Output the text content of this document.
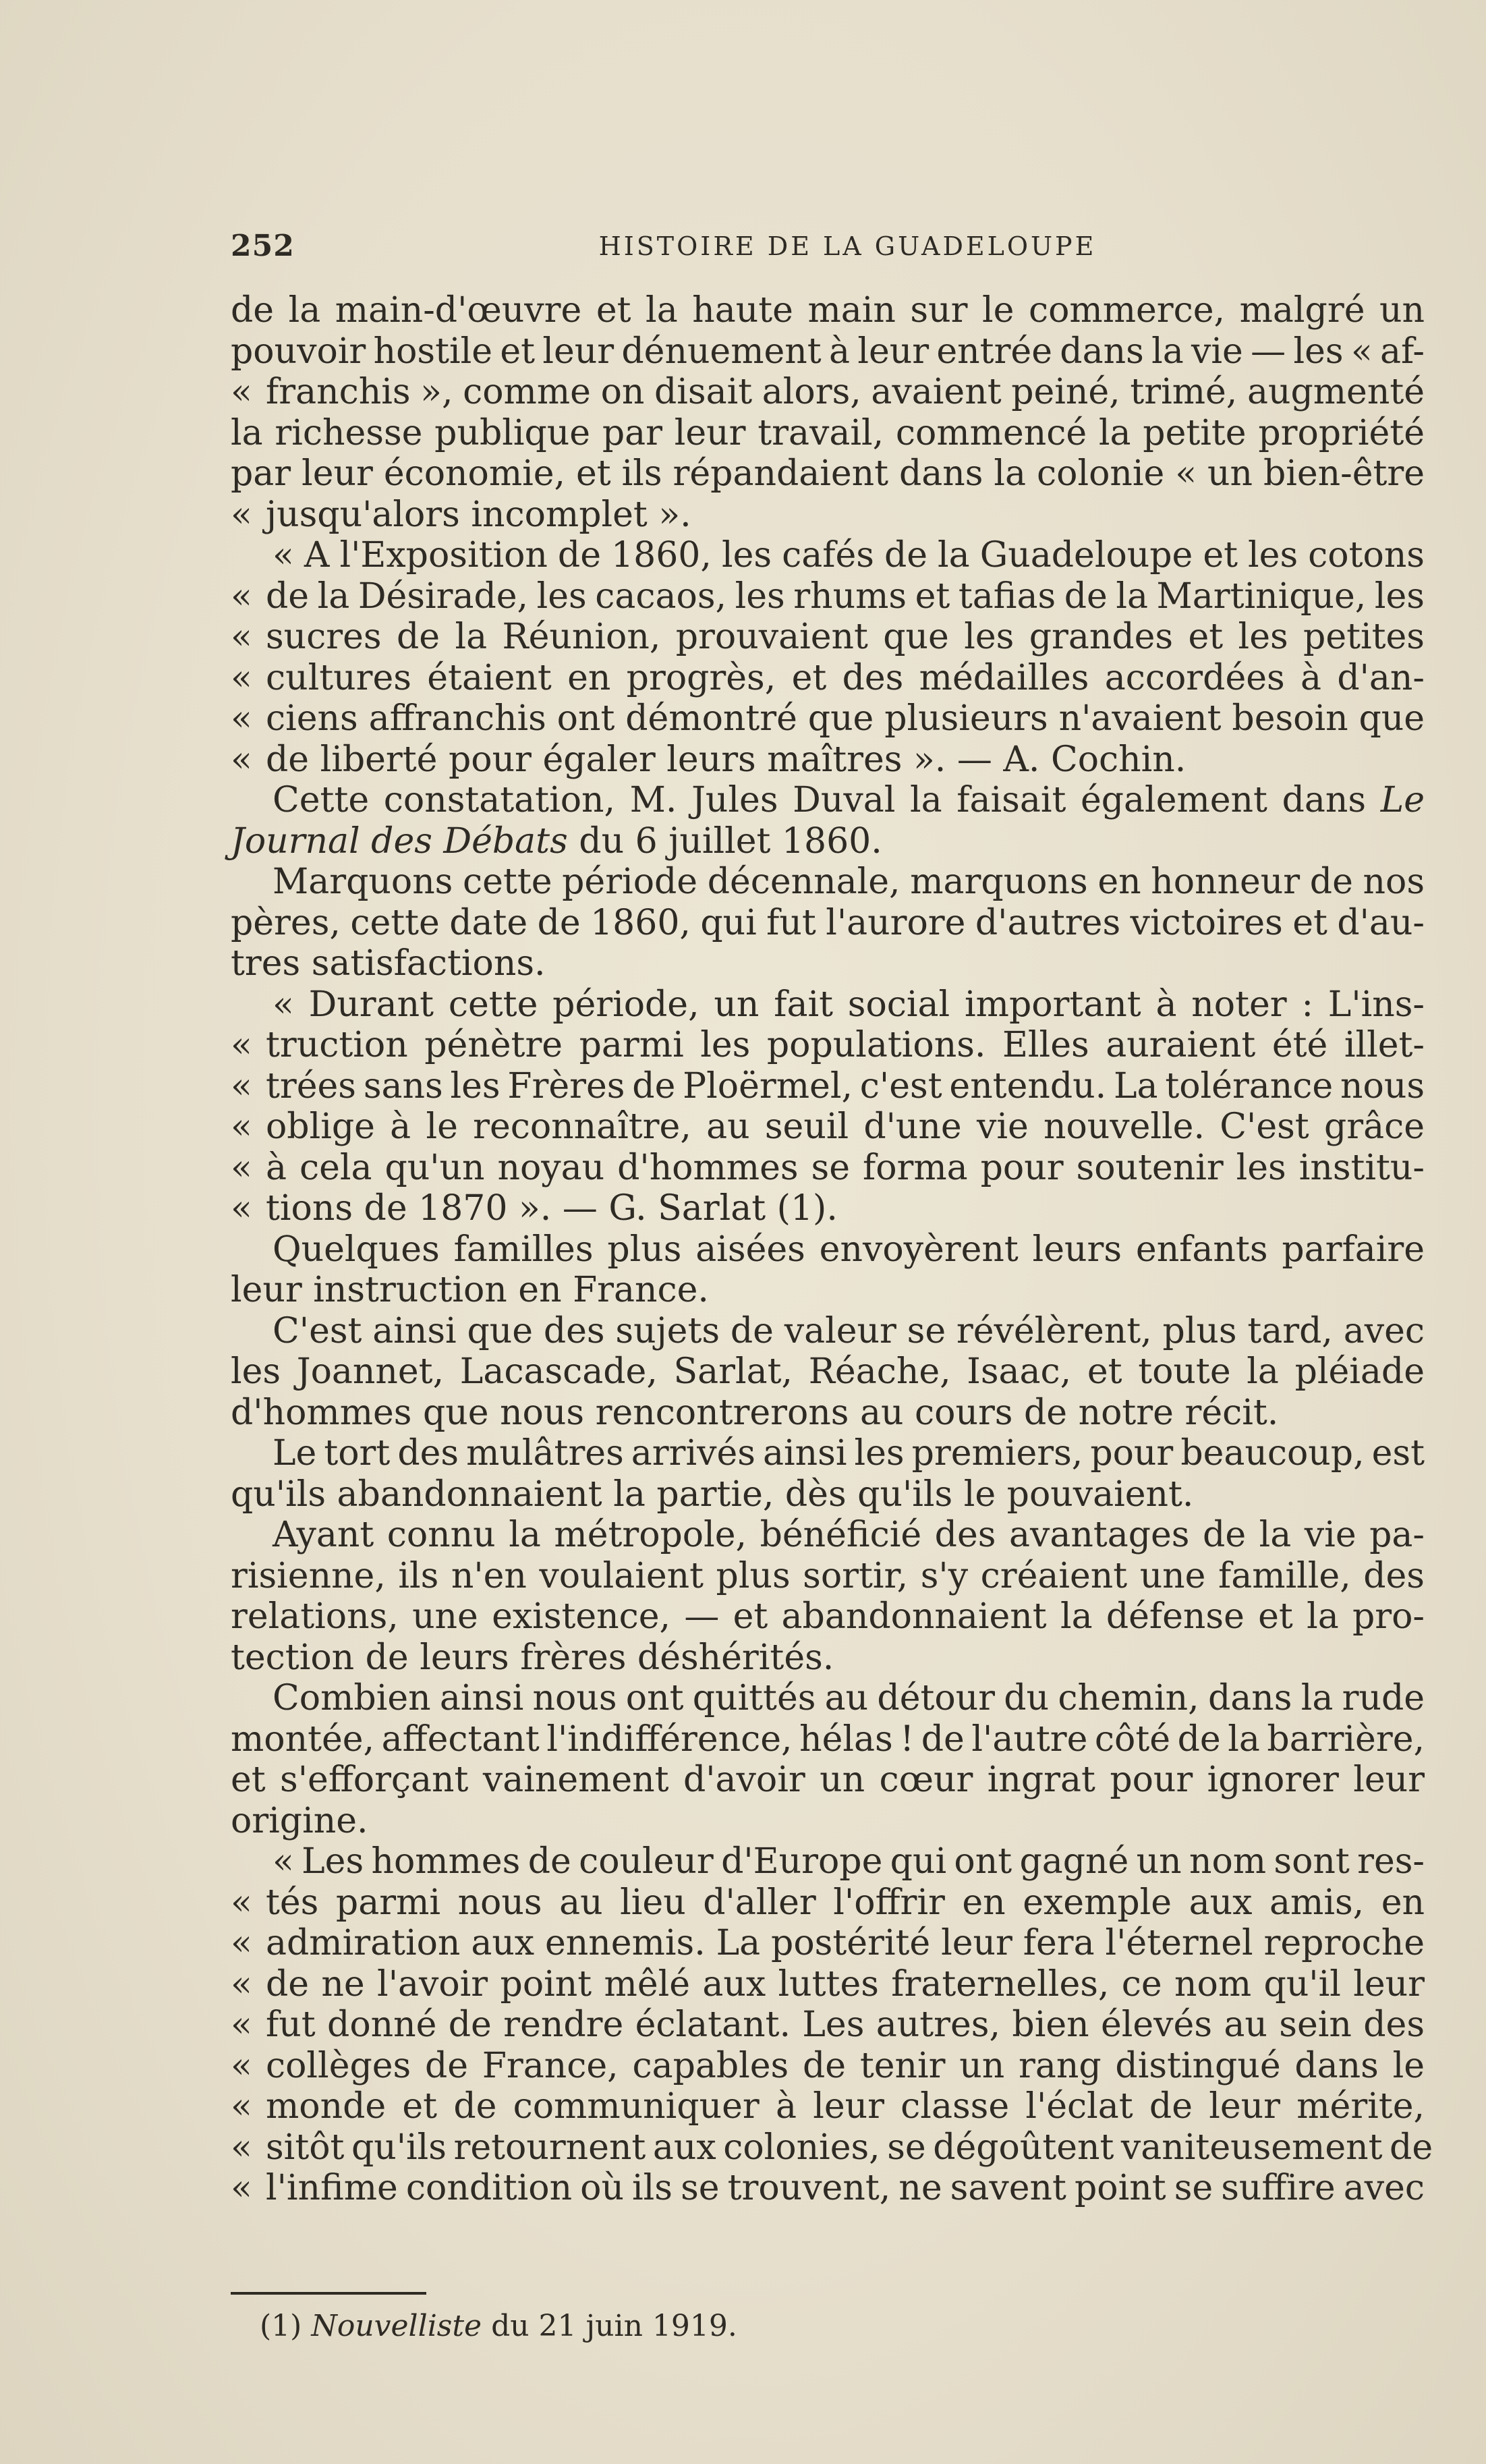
252	HISTOIRE DE LA GUADELOUPE
de la main-d'œuvre et la haute main sur le commerce, malgré un
pouvoir hostile et leur dénuement à leur entrée dans la vie — les « af-
« franchis », comme on disait alors, avaient peiné, trimé, augmenté
la richesse publique par leur travail, commencé la petite propriété
par leur économie, et ils répandaient dans la colonie « un bien-être
« jusqu'alors incomplet ».
« A l'Exposition de 1860, les cafés de la Guadeloupe et les cotons
« de la Désirade, les cacaos, les rhums et tafias de la Martinique, les
« sucres de la Réunion, prouvaient que les grandes et les petites
« cultures étaient en progrès, et des médailles accordées à d'an-
« ciens affranchis ont démontré que plusieurs n'avaient besoin que
« de liberté pour égaler leurs maîtres ». — A. Cochin.
Cette constatation, M. Jules Duval la faisait également dans Le
Journal des Débats du 6 juillet 1860.
Marquons cette période décennale, marquons en honneur de nos
pères, cette date de 1860, qui fut l'aurore d'autres victoires et d'au-
tres satisfactions.
« Durant cette période, un fait social important à noter : L'ins-
« truction pénètre parmi les populations. Elles auraient été illet-
« trées sans les Frères de Ploërmel, c'est entendu. La tolérance nous
« oblige à le reconnaître, au seuil d'une vie nouvelle. C'est grâce
« à cela qu'un noyau d'hommes se forma pour soutenir les institu-
« tions de 1870 ». — G. Sarlat (1).
Quelques familles plus aisées envoyèrent leurs enfants parfaire
leur instruction en France.
C'est ainsi que des sujets de valeur se révélèrent, plus tard, avec
les Joannet, Lacascade, Sarlat, Réache, Isaac, et toute la pléiade
d'hommes que nous rencontrerons au cours de notre récit.
Le tort des mulâtres arrivés ainsi les premiers, pour beaucoup, est
qu'ils abandonnaient la partie, dès qu'ils le pouvaient.
Ayant connu la métropole, bénéficié des avantages de la vie pa-
risienne, ils n'en voulaient plus sortir, s'y créaient une famille, des
relations, une existence, — et abandonnaient la défense et la pro-
tection de leurs frères déshérités.
Combien ainsi nous ont quittés au détour du chemin, dans la rude
montée, affectant l'indifférence, hélas ! de l'autre côté de la barrière,
et s'efforçant vainement d'avoir un cœur ingrat pour ignorer leur
origine.
« Les hommes de couleur d'Europe qui ont gagné un nom sont res-
« tés parmi nous au lieu d'aller l'offrir en exemple aux amis, en
« admiration aux ennemis. La postérité leur fera l'éternel reproche
« de ne l'avoir point mêlé aux luttes fraternelles, ce nom qu'il leur
« fut donné de rendre éclatant. Les autres, bien élevés au sein des
« collèges de France, capables de tenir un rang distingué dans le
« monde et de communiquer à leur classe l'éclat de leur mérite,
« sitôt qu'ils retournent aux colonies, se dégoûtent vaniteusement de
« l'infime condition où ils se trouvent, ne savent point se suffire avec
(1) Nouvelliste du 21 juin 1919.
